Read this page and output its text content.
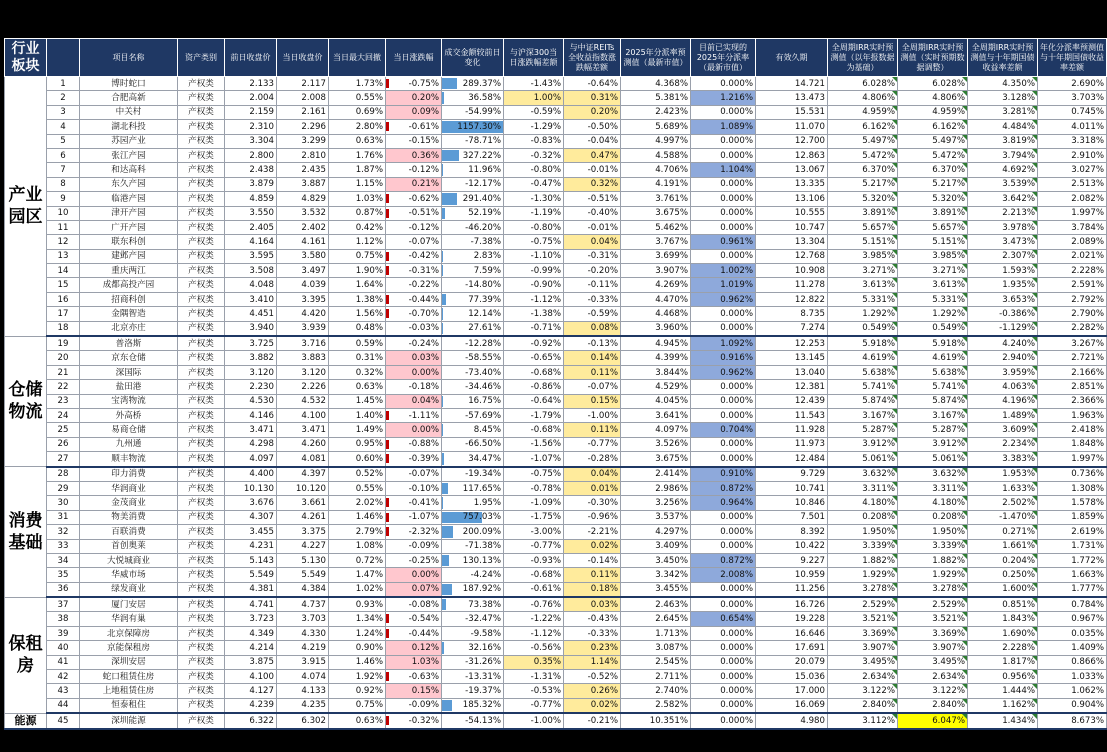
行业板块		项目名称	资产类别	前日收盘价	当日收盘价	当日最大回撤	当日涨跌幅	成交金额较前日变化	与沪深300当日涨跌幅差额	与中证REITs全收益指数涨跌幅差额	2025年分派率预测值（最新市值）	目前已实现的2025年分派率（最新市值）	有效久期	全周期IRR实时预测值（以年报数据为基础）	全周期IRR实时预测值（实时预期数据调整）	全周期IRR实时预测值与十年期国债收益率差额	年化分派率预测值与十年期国债收益率差额
产业园区	1	博时蛇口	产权类	2.133	2.117	1.73%	-0.75%	289.37%	-1.43%	-0.64%	4.368%	0.000%	14.721	6.028%	6.028%	4.350%	2.690%
	2	合肥高新	产权类	2.004	2.008	0.55%	0.20%	36.58%	1.00%	0.31%	5.381%	1.216%	13.473	4.806%	4.806%	3.128%	3.703%
	3	中关村	产权类	2.159	2.161	0.69%	0.09%	-54.99%	-0.59%	0.20%	2.423%	0.000%	15.531	4.959%	4.959%	3.281%	0.745%
	4	湖北科投	产权类	2.310	2.296	2.80%	-0.61%	1157.30%	-1.29%	-0.50%	5.689%	1.089%	11.070	6.162%	6.162%	4.484%	4.011%
	5	苏园产业	产权类	3.304	3.299	0.63%	-0.15%	-78.71%	-0.83%	-0.04%	4.997%	0.000%	12.700	5.497%	5.497%	3.819%	3.318%
	6	张江产园	产权类	2.800	2.810	1.76%	0.36%	327.22%	-0.32%	0.47%	4.588%	0.000%	12.863	5.472%	5.472%	3.794%	2.910%
	7	和达高科	产权类	2.438	2.435	1.87%	-0.12%	11.96%	-0.80%	-0.01%	4.706%	1.104%	13.067	6.370%	6.370%	4.692%	3.027%
	8	东久产园	产权类	3.879	3.887	1.15%	0.21%	-12.17%	-0.47%	0.32%	4.191%	0.000%	13.335	5.217%	5.217%	3.539%	2.513%
	9	临港产园	产权类	4.859	4.829	1.03%	-0.62%	291.40%	-1.30%	-0.51%	3.761%	0.000%	13.106	5.320%	5.320%	3.642%	2.082%
	10	津开产园	产权类	3.550	3.532	0.87%	-0.51%	52.19%	-1.19%	-0.40%	3.675%	0.000%	10.555	3.891%	3.891%	2.213%	1.997%
	11	广开产园	产权类	2.405	2.402	0.42%	-0.12%	-46.20%	-0.80%	-0.01%	5.462%	0.000%	10.747	5.657%	5.657%	3.978%	3.784%
	12	联东科创	产权类	4.164	4.161	1.12%	-0.07%	-7.38%	-0.75%	0.04%	3.767%	0.961%	13.304	5.151%	5.151%	3.473%	2.089%
	13	建邺产园	产权类	3.595	3.580	0.75%	-0.42%	2.83%	-1.10%	-0.31%	3.699%	0.000%	12.768	3.985%	3.985%	2.307%	2.021%
	14	重庆两江	产权类	3.508	3.497	1.90%	-0.31%	7.59%	-0.99%	-0.20%	3.907%	1.002%	10.908	3.271%	3.271%	1.593%	2.228%
	15	成都高投产园	产权类	4.048	4.039	1.64%	-0.22%	-14.80%	-0.90%	-0.11%	4.269%	1.019%	11.278	3.613%	3.613%	1.935%	2.591%
	16	招商科创	产权类	3.410	3.395	1.38%	-0.44%	77.39%	-1.12%	-0.33%	4.470%	0.962%	12.822	5.331%	5.331%	3.653%	2.792%
	17	金隅智造	产权类	4.451	4.420	1.56%	-0.70%	12.14%	-1.38%	-0.59%	4.468%	0.000%	8.735	1.292%	1.292%	-0.386%	2.790%
	18	北京亦庄	产权类	3.940	3.939	0.48%	-0.03%	27.61%	-0.71%	0.08%	3.960%	0.000%	7.274	0.549%	0.549%	-1.129%	2.282%
仓储物流	19	普洛斯	产权类	3.725	3.716	0.59%	-0.24%	-12.28%	-0.92%	-0.13%	4.945%	1.092%	12.253	5.918%	5.918%	4.240%	3.267%
	20	京东仓储	产权类	3.882	3.883	0.31%	0.03%	-58.55%	-0.65%	0.14%	4.399%	0.916%	13.145	4.619%	4.619%	2.940%	2.721%
	21	深国际	产权类	3.120	3.120	0.32%	0.00%	-73.40%	-0.68%	0.11%	3.844%	0.962%	13.040	5.638%	5.638%	3.959%	2.166%
	22	盐田港	产权类	2.230	2.226	0.63%	-0.18%	-34.46%	-0.86%	-0.07%	4.529%	0.000%	12.381	5.741%	5.741%	4.063%	2.851%
	23	宝湾物流	产权类	4.530	4.532	1.45%	0.04%	16.75%	-0.64%	0.15%	4.045%	0.000%	12.439	5.874%	5.874%	4.196%	2.366%
	24	外高桥	产权类	4.146	4.100	1.40%	-1.11%	-57.69%	-1.79%	-1.00%	3.641%	0.000%	11.543	3.167%	3.167%	1.489%	1.963%
	25	易商仓储	产权类	3.471	3.471	1.49%	0.00%	8.45%	-0.68%	0.11%	4.097%	0.704%	11.928	5.287%	5.287%	3.609%	2.418%
	26	九州通	产权类	4.298	4.260	0.95%	-0.88%	-66.50%	-1.56%	-0.77%	3.526%	0.000%	11.973	3.912%	3.912%	2.234%	1.848%
	27	顺丰物流	产权类	4.097	4.081	0.60%	-0.39%	34.47%	-1.07%	-0.28%	3.675%	0.000%	12.484	5.061%	5.061%	3.383%	1.997%
消费基础	28	印力消费	产权类	4.400	4.397	0.52%	-0.07%	-19.34%	-0.75%	0.04%	2.414%	0.910%	9.729	3.632%	3.632%	1.953%	0.736%
	29	华润商业	产权类	10.130	10.120	0.55%	-0.10%	117.65%	-0.78%	0.01%	2.986%	0.872%	10.741	3.311%	3.311%	1.633%	1.308%
	30	金茂商业	产权类	3.676	3.661	2.02%	-0.41%	1.95%	-1.09%	-0.30%	3.256%	0.964%	10.846	4.180%	4.180%	2.502%	1.578%
	31	物美消费	产权类	4.307	4.261	1.46%	-1.07%	757.03%	-1.75%	-0.96%	3.537%	0.000%	7.501	0.208%	0.208%	-1.470%	1.859%
	32	百联消费	产权类	3.455	3.375	2.79%	-2.32%	200.09%	-3.00%	-2.21%	4.297%	0.000%	8.392	1.950%	1.950%	0.271%	2.619%
	33	首创奥莱	产权类	4.231	4.227	1.08%	-0.09%	-71.38%	-0.77%	0.02%	3.409%	0.000%	10.422	3.339%	3.339%	1.661%	1.731%
	34	大悦城商业	产权类	5.143	5.130	0.72%	-0.25%	130.13%	-0.93%	-0.14%	3.450%	0.872%	9.227	1.882%	1.882%	0.204%	1.772%
	35	华威市场	产权类	5.549	5.549	1.47%	0.00%	-4.24%	-0.68%	0.11%	3.342%	2.008%	10.959	1.929%	1.929%	0.250%	1.663%
	36	绿发商业	产权类	4.381	4.384	1.02%	0.07%	187.92%	-0.61%	0.18%	3.455%	0.000%	11.256	3.278%	3.278%	1.600%	1.777%
保租房	37	厦门安居	产权类	4.741	4.737	0.93%	-0.08%	73.38%	-0.76%	0.03%	2.463%	0.000%	16.726	2.529%	2.529%	0.851%	0.784%
	38	华润有巢	产权类	3.723	3.703	1.34%	-0.54%	-32.47%	-1.22%	-0.43%	2.645%	0.654%	19.228	3.521%	3.521%	1.843%	0.967%
	39	北京保障房	产权类	4.349	4.330	1.24%	-0.44%	-9.58%	-1.12%	-0.33%	1.713%	0.000%	16.646	3.369%	3.369%	1.690%	0.035%
	40	京能保租房	产权类	4.214	4.219	0.90%	0.12%	32.16%	-0.56%	0.23%	3.087%	0.000%	17.691	3.907%	3.907%	2.228%	1.409%
	41	深圳安居	产权类	3.875	3.915	1.46%	1.03%	-31.26%	0.35%	1.14%	2.545%	0.000%	20.079	3.495%	3.495%	1.817%	0.866%
	42	蛇口租赁住房	产权类	4.100	4.074	1.92%	-0.63%	-13.31%	-1.31%	-0.52%	2.711%	0.000%	15.036	2.634%	2.634%	0.956%	1.033%
	43	上地租赁住房	产权类	4.127	4.133	0.92%	0.15%	-19.37%	-0.53%	0.26%	2.740%	0.000%	17.000	3.122%	3.122%	1.444%	1.062%
	44	恒泰租住	产权类	4.239	4.235	0.75%	-0.09%	185.32%	-0.77%	0.02%	2.582%	0.000%	16.069	2.840%	2.840%	1.162%	0.904%
能源	45	深圳能源	产权类	6.322	6.302	0.63%	-0.32%	-54.13%	-1.00%	-0.21%	10.351%	0.000%	4.980	3.112%	6.047%	1.434%	8.673%
